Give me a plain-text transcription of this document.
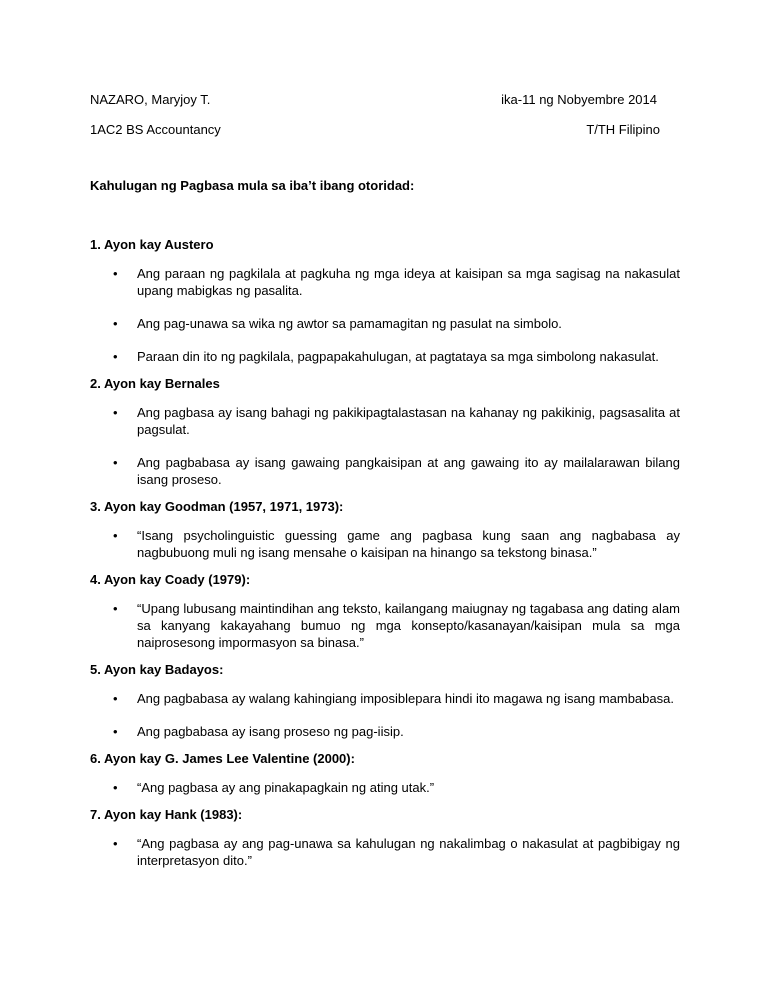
NAZARO, Maryjoy T.	ika-11 ng Nobyembre 2014
1AC2 BS Accountancy	T/TH Filipino
Kahulugan ng Pagbasa mula sa iba’t ibang otoridad:
1. Ayon kay Austero
• Ang paraan ng pagkilala at pagkuha ng mga ideya at kaisipan sa mga sagisag na nakasulat upang mabigkas ng pasalita.
• Ang pag-unawa sa wika ng awtor sa pamamagitan ng pasulat na simbolo.
• Paraan din ito ng pagkilala, pagpapakahulugan, at pagtataya sa mga simbolong nakasulat.
2. Ayon kay Bernales
• Ang pagbasa ay isang bahagi ng pakikipagtalastasan na kahanay ng pakikinig, pagsasalita at pagsulat.
• Ang pagbabasa ay isang gawaing pangkaisipan at ang gawaing ito ay mailalarawan bilang isang proseso.
3. Ayon kay Goodman (1957, 1971, 1973):
• “Isang psycholinguistic guessing game ang pagbasa kung saan ang nagbabasa ay nagbubuong muli ng isang mensahe o kaisipan na hinango sa tekstong binasa.”
4. Ayon kay Coady (1979):
• “Upang lubusang maintindihan ang teksto, kailangang maiugnay ng tagabasa ang dating alam sa kanyang kakayahang bumuo ng mga konsepto/kasanayan/kaisipan mula sa mga naiprosesong impormasyon sa binasa.”
5. Ayon kay Badayos:
• Ang pagbabasa ay walang kahingiang imposiblepara hindi ito magawa ng isang mambabasa.
• Ang pagbabasa ay isang proseso ng pag-iisip.
6. Ayon kay G. James Lee Valentine (2000):
• “Ang pagbasa ay ang pinakapagkain ng ating utak.”
7. Ayon kay Hank (1983):
• “Ang pagbasa ay ang pag-unawa sa kahulugan ng nakalimbag o nakasulat at pagbibigay ng interpretasyon dito.”
